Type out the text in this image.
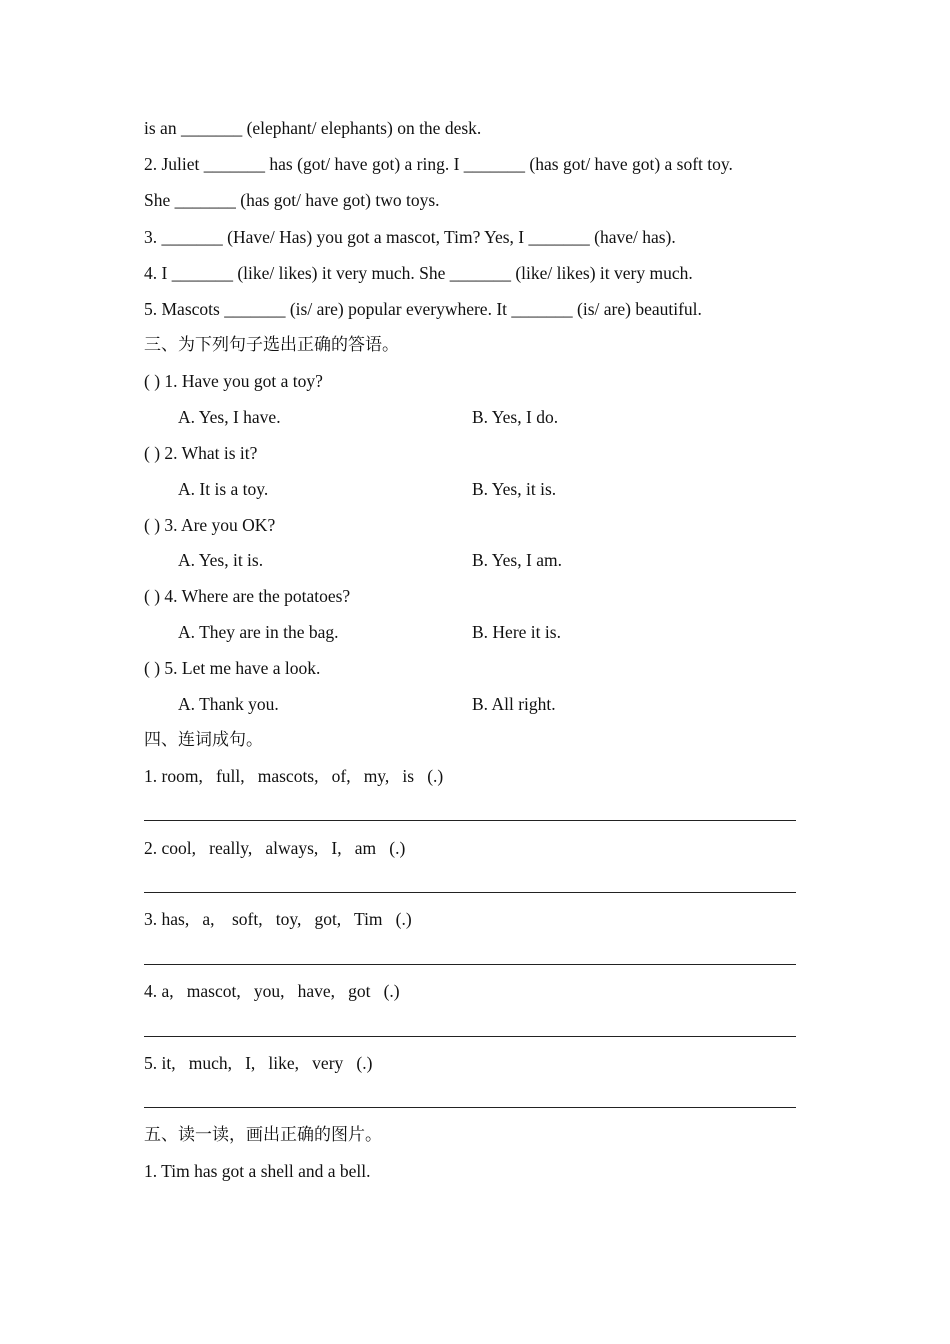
is an _______ (elephant/ elephants) on the desk.
2. Juliet _______ has (got/ have got) a ring. I _______ (has got/ have got) a soft toy.
She _______ (has got/ have got) two toys.
3. _______ (Have/ Has) you got a mascot, Tim? Yes, I _______ (have/ has).
4. I _______ (like/ likes) it very much. She _______ (like/ likes) it very much.
5. Mascots _______ (is/ are) popular everywhere. It _______ (is/ are) beautiful.
三、为下列句子选出正确的答语。
( ) 1. Have you got a toy?
A. Yes, I have.	B. Yes, I do.
( ) 2. What is it?
A. It is a toy.	B. Yes, it is.
( ) 3. Are you OK?
A. Yes, it is.	B. Yes, I am.
( ) 4. Where are the potatoes?
A. They are in the bag.	B. Here it is.
( ) 5. Let me have a look.
A. Thank you.	B. All right.
四、连词成句。
1. room,   full,   mascots,   of,   my,   is   (.)
2. cool,   really,   always,   I,   am   (.)
3. has,   a,    soft,   toy,   got,   Tim   (.)
4. a,   mascot,   you,   have,   got   (.)
5. it,   much,   I,   like,   very   (.)
五、读一读，画出正确的图片。
1. Tim has got a shell and a bell.
